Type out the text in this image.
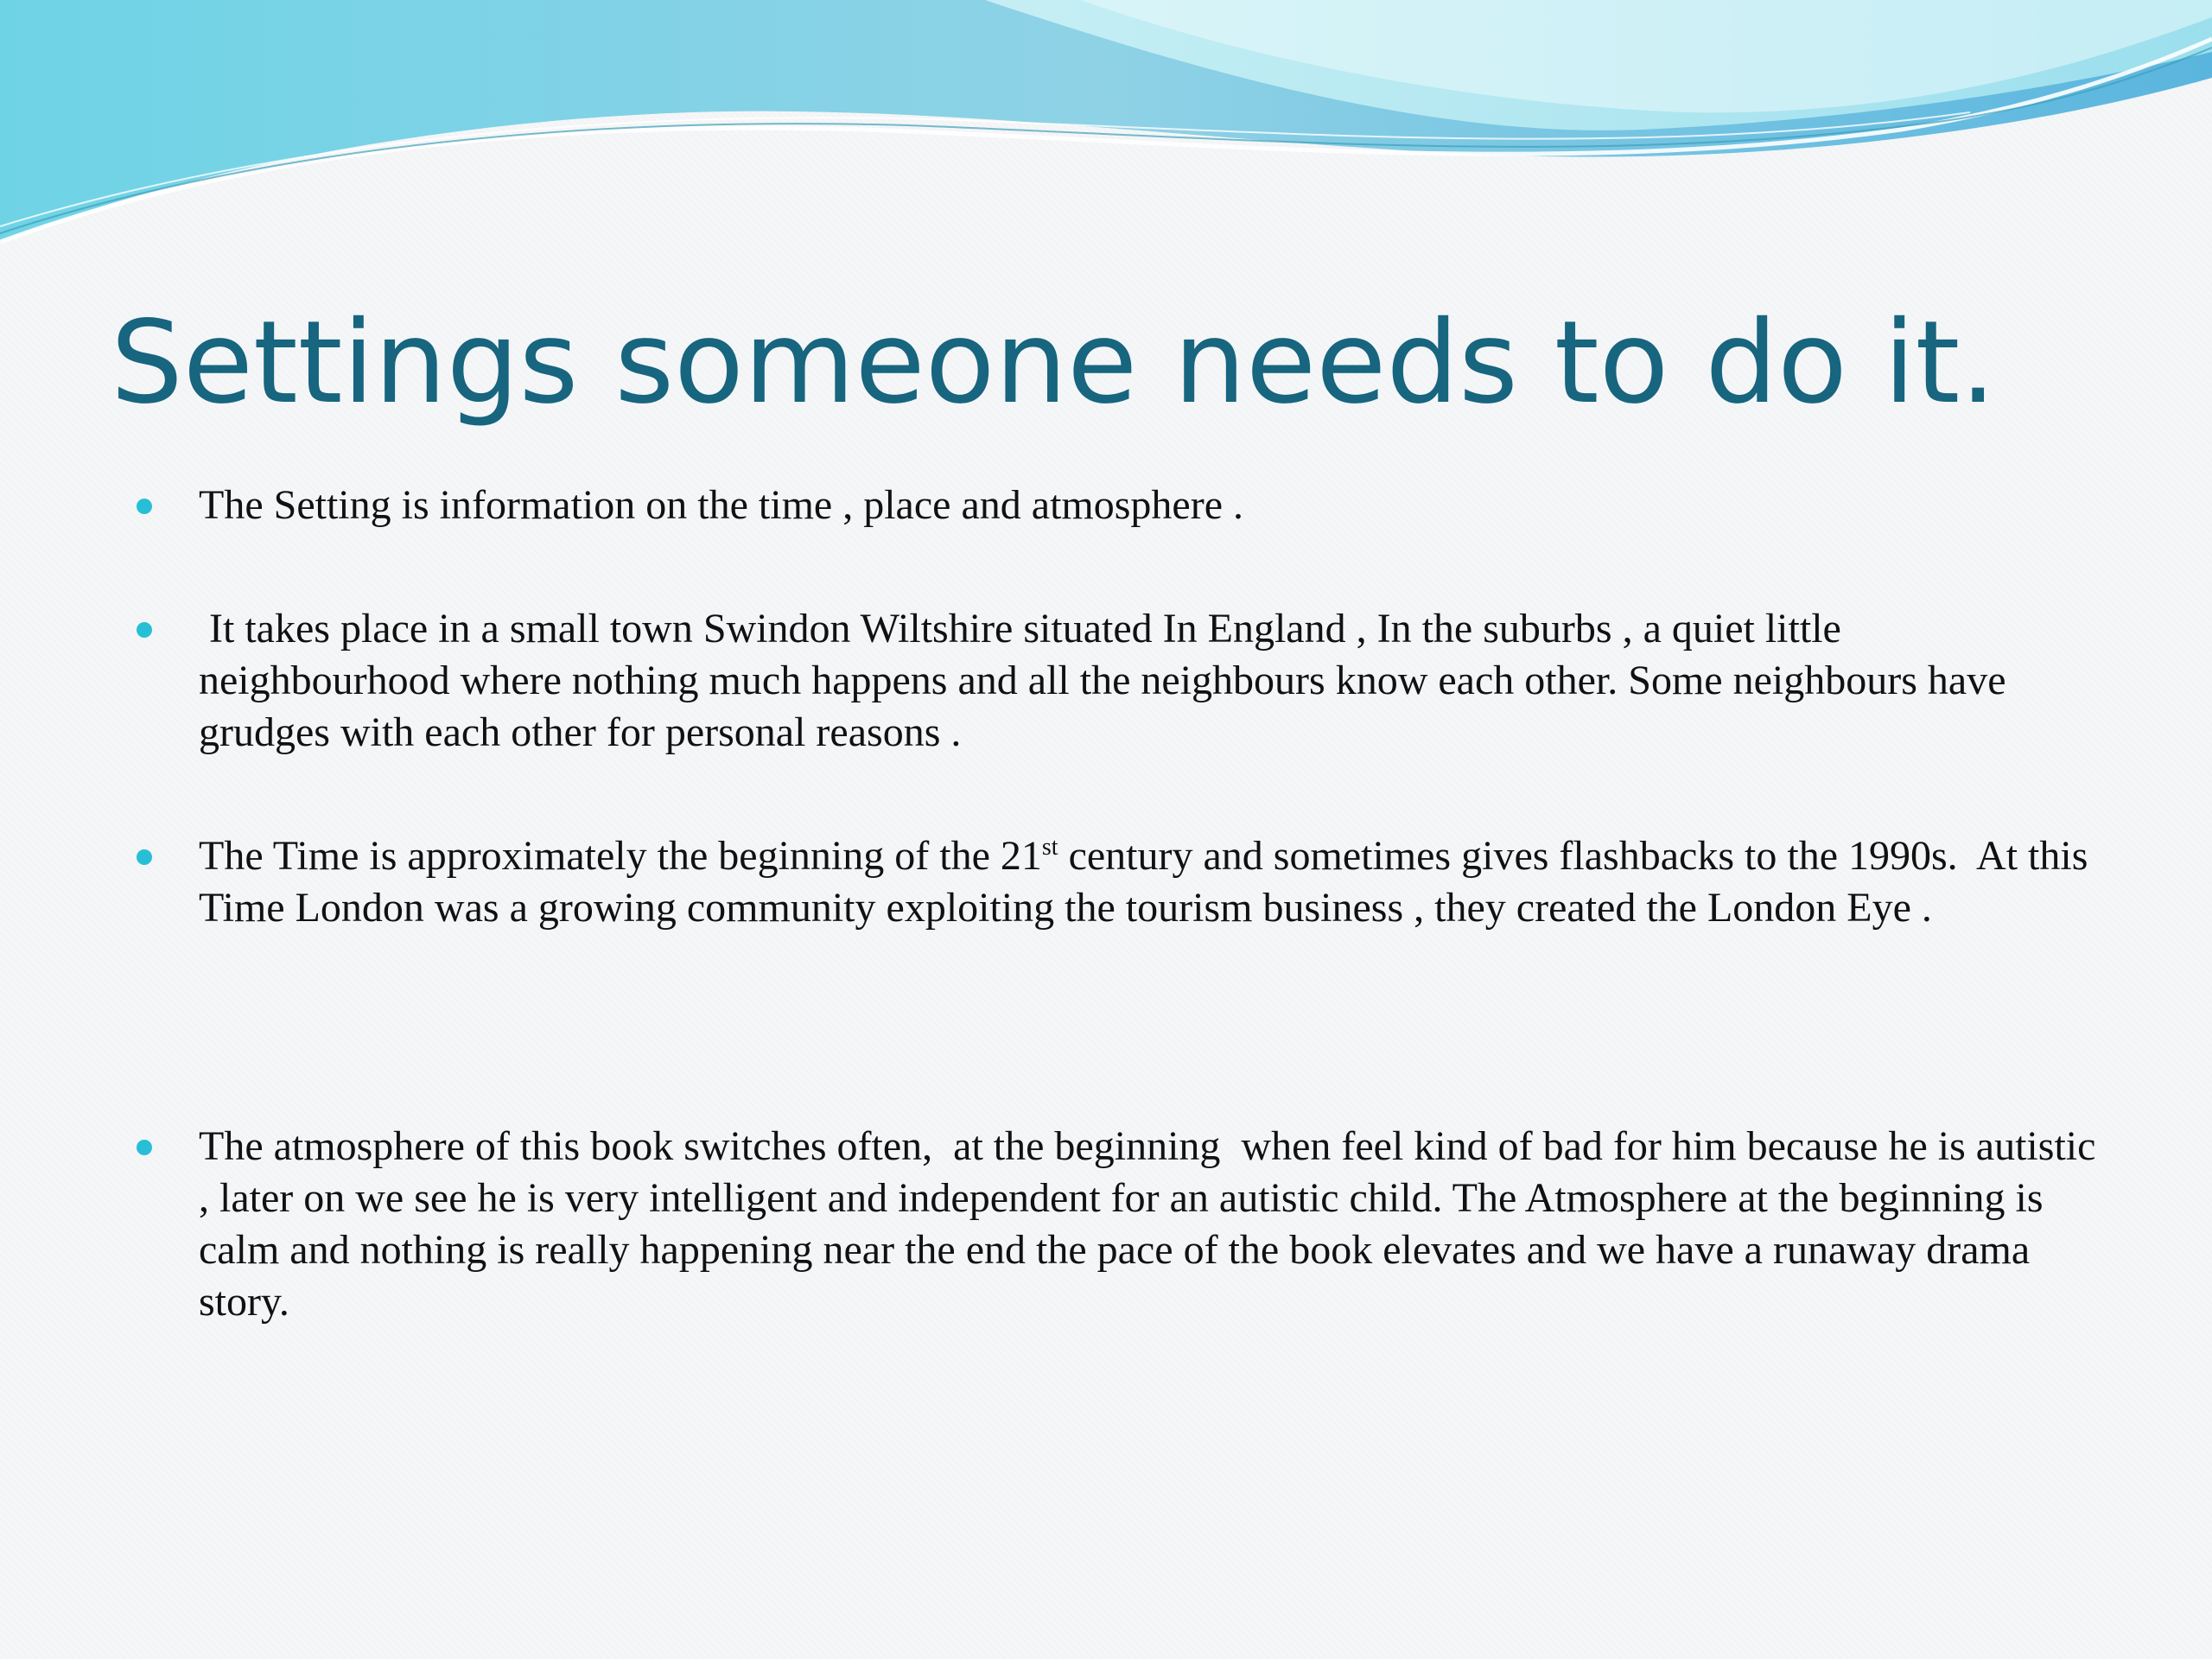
Settings someone needs to do it.
The Setting is information on the time , place and atmosphere .
It takes place in a small town Swindon Wiltshire situated In England , In the suburbs , a quiet little neighbourhood where nothing much happens and all the neighbours know each other. Some neighbours have grudges with each other for personal reasons .
The Time is approximately the beginning of the 21st century and sometimes gives flashbacks to the 1990s.  At this Time London was a growing community exploiting the tourism business , they created the London Eye .
The atmosphere of this book switches often,  at the beginning  when feel kind of bad for him because he is autistic , later on we see he is very intelligent and independent for an autistic child. The Atmosphere at the beginning is calm and nothing is really happening near the end the pace of the book elevates and we have a runaway drama story.
